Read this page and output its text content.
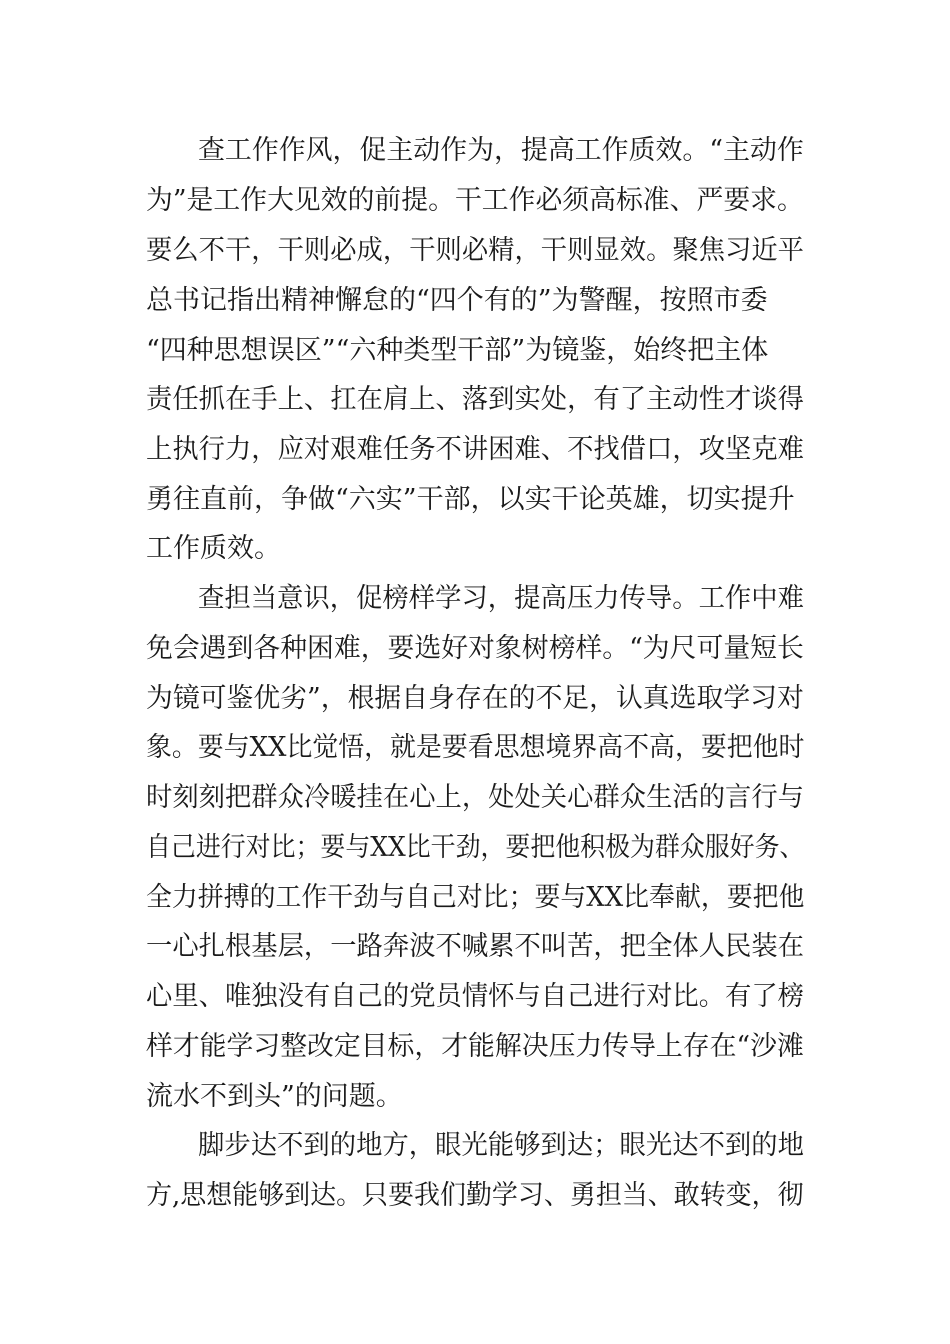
查工作作风，促主动作为，提高工作质效。“主动作
为”是工作大见效的前提。干工作必须高标准、严要求。
要么不干，干则必成，干则必精，干则显效。聚焦习近平
总书记指出精神懈怠的“四个有的”为警醒，按照市委
“四种思想误区”“六种类型干部”为镜鉴，始终把主体
责任抓在手上、扛在肩上、落到实处，有了主动性才谈得
上执行力，应对艰难任务不讲困难、不找借口，攻坚克难
勇往直前，争做“六实”干部，以实干论英雄，切实提升
工作质效。
查担当意识，促榜样学习，提高压力传导。工作中难
免会遇到各种困难，要选好对象树榜样。“为尺可量短长
为镜可鉴优劣”，根据自身存在的不足，认真选取学习对
象。要与XX比觉悟，就是要看思想境界高不高，要把他时
时刻刻把群众冷暖挂在心上，处处关心群众生活的言行与
自己进行对比；要与XX比干劲，要把他积极为群众服好务、
全力拼搏的工作干劲与自己对比；要与XX比奉献，要把他
一心扎根基层，一路奔波不喊累不叫苦，把全体人民装在
心里、唯独没有自己的党员情怀与自己进行对比。有了榜
样才能学习整改定目标，才能解决压力传导上存在“沙滩
流水不到头”的问题。
脚步达不到的地方，眼光能够到达；眼光达不到的地
方,思想能够到达。只要我们勤学习、勇担当、敢转变，彻
